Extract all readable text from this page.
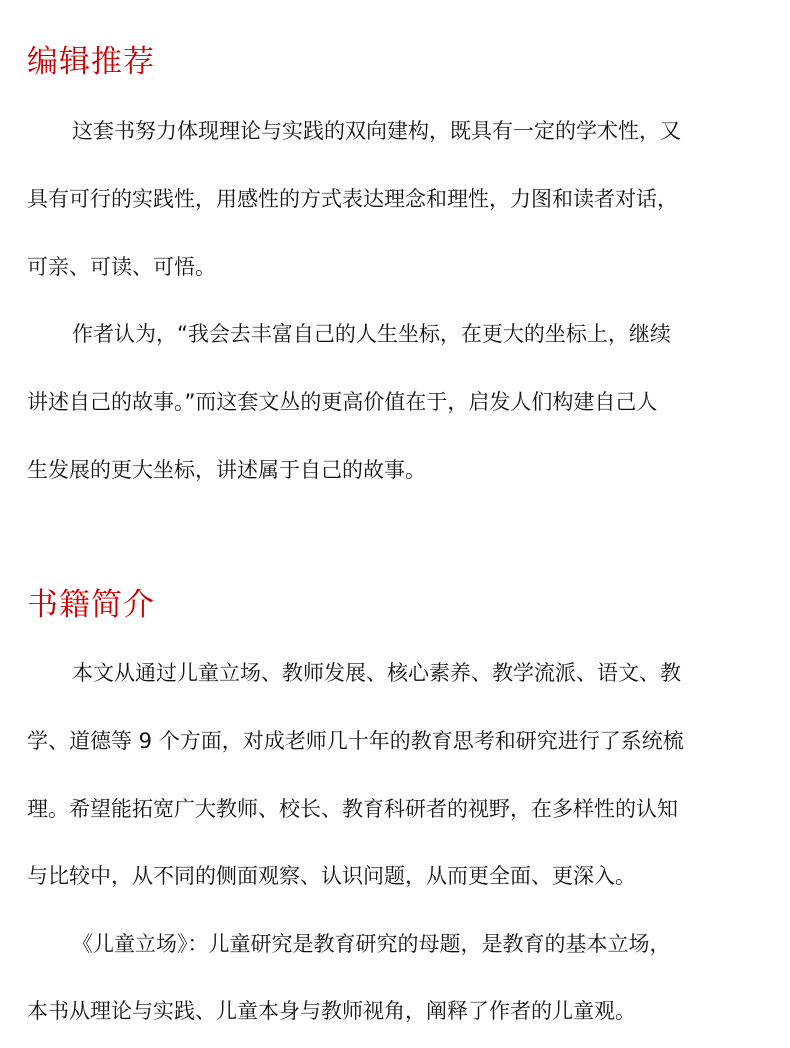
编辑推荐

这套书努力体现理论与实践的双向建构，既具有一定的学术性，又

具有可行的实践性，用感性的方式表达理念和理性，力图和读者对话，

可亲、可读、可悟。

作者认为，“我会去丰富自己的人生坐标，在更大的坐标上，继续

讲述自己的故事。”而这套文丛的更高价值在于，启发人们构建自己人

生发展的更大坐标，讲述属于自己的故事。

书籍简介

本文从通过儿童立场、教师发展、核心素养、教学流派、语文、教

学、道德等 9 个方面，对成老师几十年的教育思考和研究进行了系统梳

理。希望能拓宽广大教师、校长、教育科研者的视野，在多样性的认知

与比较中，从不同的侧面观察、认识问题，从而更全面、更深入。

《儿童立场》：儿童研究是教育研究的母题，是教育的基本立场，

本书从理论与实践、儿童本身与教师视角，阐释了作者的儿童观。
